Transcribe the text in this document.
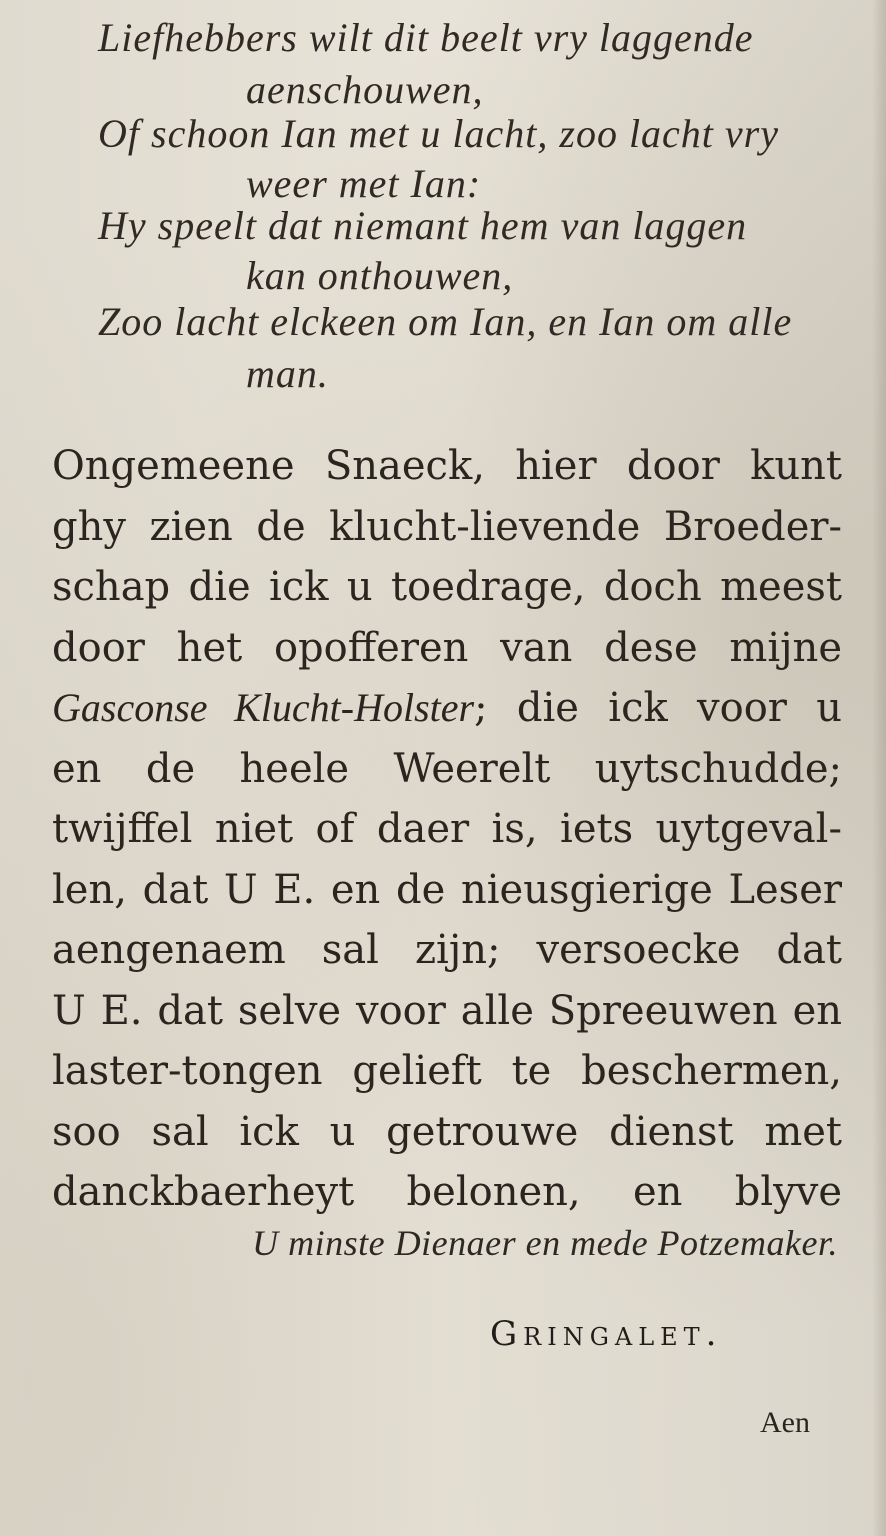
Liefhebbers wilt dit beelt vry laggende
aenschouwen,
Of schoon Ian met u lacht, zoo lacht vry
weer met Ian:
Hy speelt dat niemant hem van laggen
kan onthouwen,
Zoo lacht elckeen om Ian, en Ian om alle
man.
Ongemeene Snaeck, hier door kunt
ghy zien de klucht-lievende Broeder-
schap die ick u toedrage, doch meest
door het opofferen van dese mijne
Gasconse Klucht-Holster; die ick voor u
en de heele Weerelt uytschudde;
twijffel niet of daer is, iets uytgeval-
len, dat U E. en de nieusgierige Leser
aengenaem sal zijn; versoecke dat
U E. dat selve voor alle Spreeuwen en
laster-tongen gelieft te beschermen,
soo sal ick u getrouwe dienst met
danckbaerheyt belonen, en blyve
U minste Dienaer en mede Potzemaker.
Gringalet.
Aen
